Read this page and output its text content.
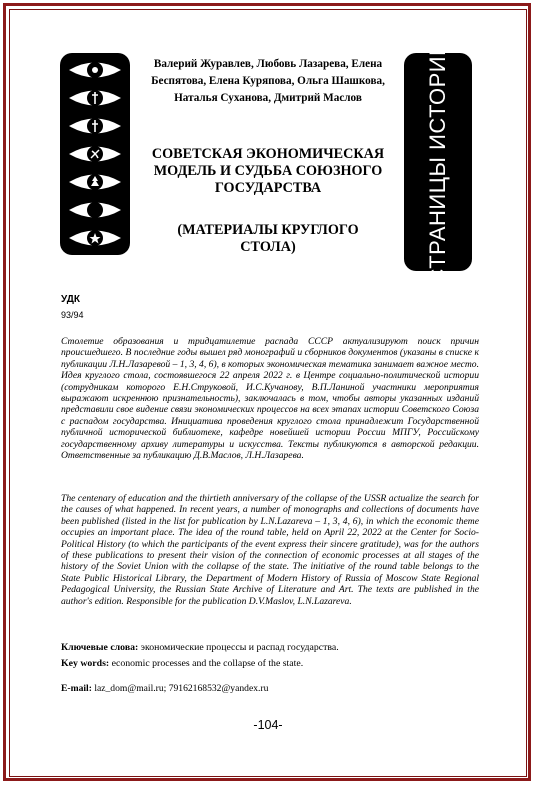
СТРАНИЦЫ ИСТОРИИ
Валерий Журавлев, Любовь Лазарева, Елена Беспятова, Елена Куряпова, Ольга Шашкова, Наталья Суханова, Дмитрий Маслов
СОВЕТСКАЯ ЭКОНОМИЧЕСКАЯ МОДЕЛЬ И СУДЬБА СОЮЗНОГО ГОСУДАРСТВА
(МАТЕРИАЛЫ КРУГЛОГО СТОЛА)
УДК
93/94
Столетие образования и тридцатилетие распада СССР актуализируют поиск причин происшедшего. В последние годы вышел ряд монографий и сборников документов (указаны в списке к публикации Л.Н.Лазаревой – 1, 3, 4, 6), в которых экономическая тематика занимает важное место. Идея круглого стола, состоявшегося 22 апреля 2022 г. в Центре социально-политической истории (сотрудникам которого Е.Н.Струковой, И.С.Кучанову, В.П.Ланиной участники мероприятия выражают искреннюю признательность), заключалась в том, чтобы авторы указанных изданий представили свое видение связи экономических процессов на всех этапах истории Советского Союза с распадом государства. Инициатива проведения круглого стола принадлежит Государственной публичной исторической библиотеке, кафедре новейшей истории России МПГУ, Российскому государственному архиву литературы и искусства. Тексты публикуются в авторской редакции. Ответственные за публикацию Д.В.Маслов, Л.Н.Лазарева.
The centenary of education and the thirtieth anniversary of the collapse of the USSR actualize the search for the causes of what happened. In recent years, a number of monographs and collections of documents have been published (listed in the list for publication by L.N.Lazareva – 1, 3, 4, 6), in which the economic theme occupies an important place. The idea of the round table, held on April 22, 2022 at the Center for Socio-Political History (to which the participants of the event express their sincere gratitude), was for the authors of these publications to present their vision of the connection of economic processes at all stages of the history of the Soviet Union with the collapse of the state. The initiative of the round table belongs to the State Public Historical Library, the Department of Modern History of Russia of Moscow State Regional Pedagogical University, the Russian State Archive of Literature and Art. The texts are published in the author's edition. Responsible for the publication D.V.Maslov, L.N.Lazareva.
Ключевые слова: экономические процессы и распад государства.
Key words: economic processes and the collapse of the state.
E-mail: laz_dom@mail.ru; 79162168532@yandex.ru
-104-
